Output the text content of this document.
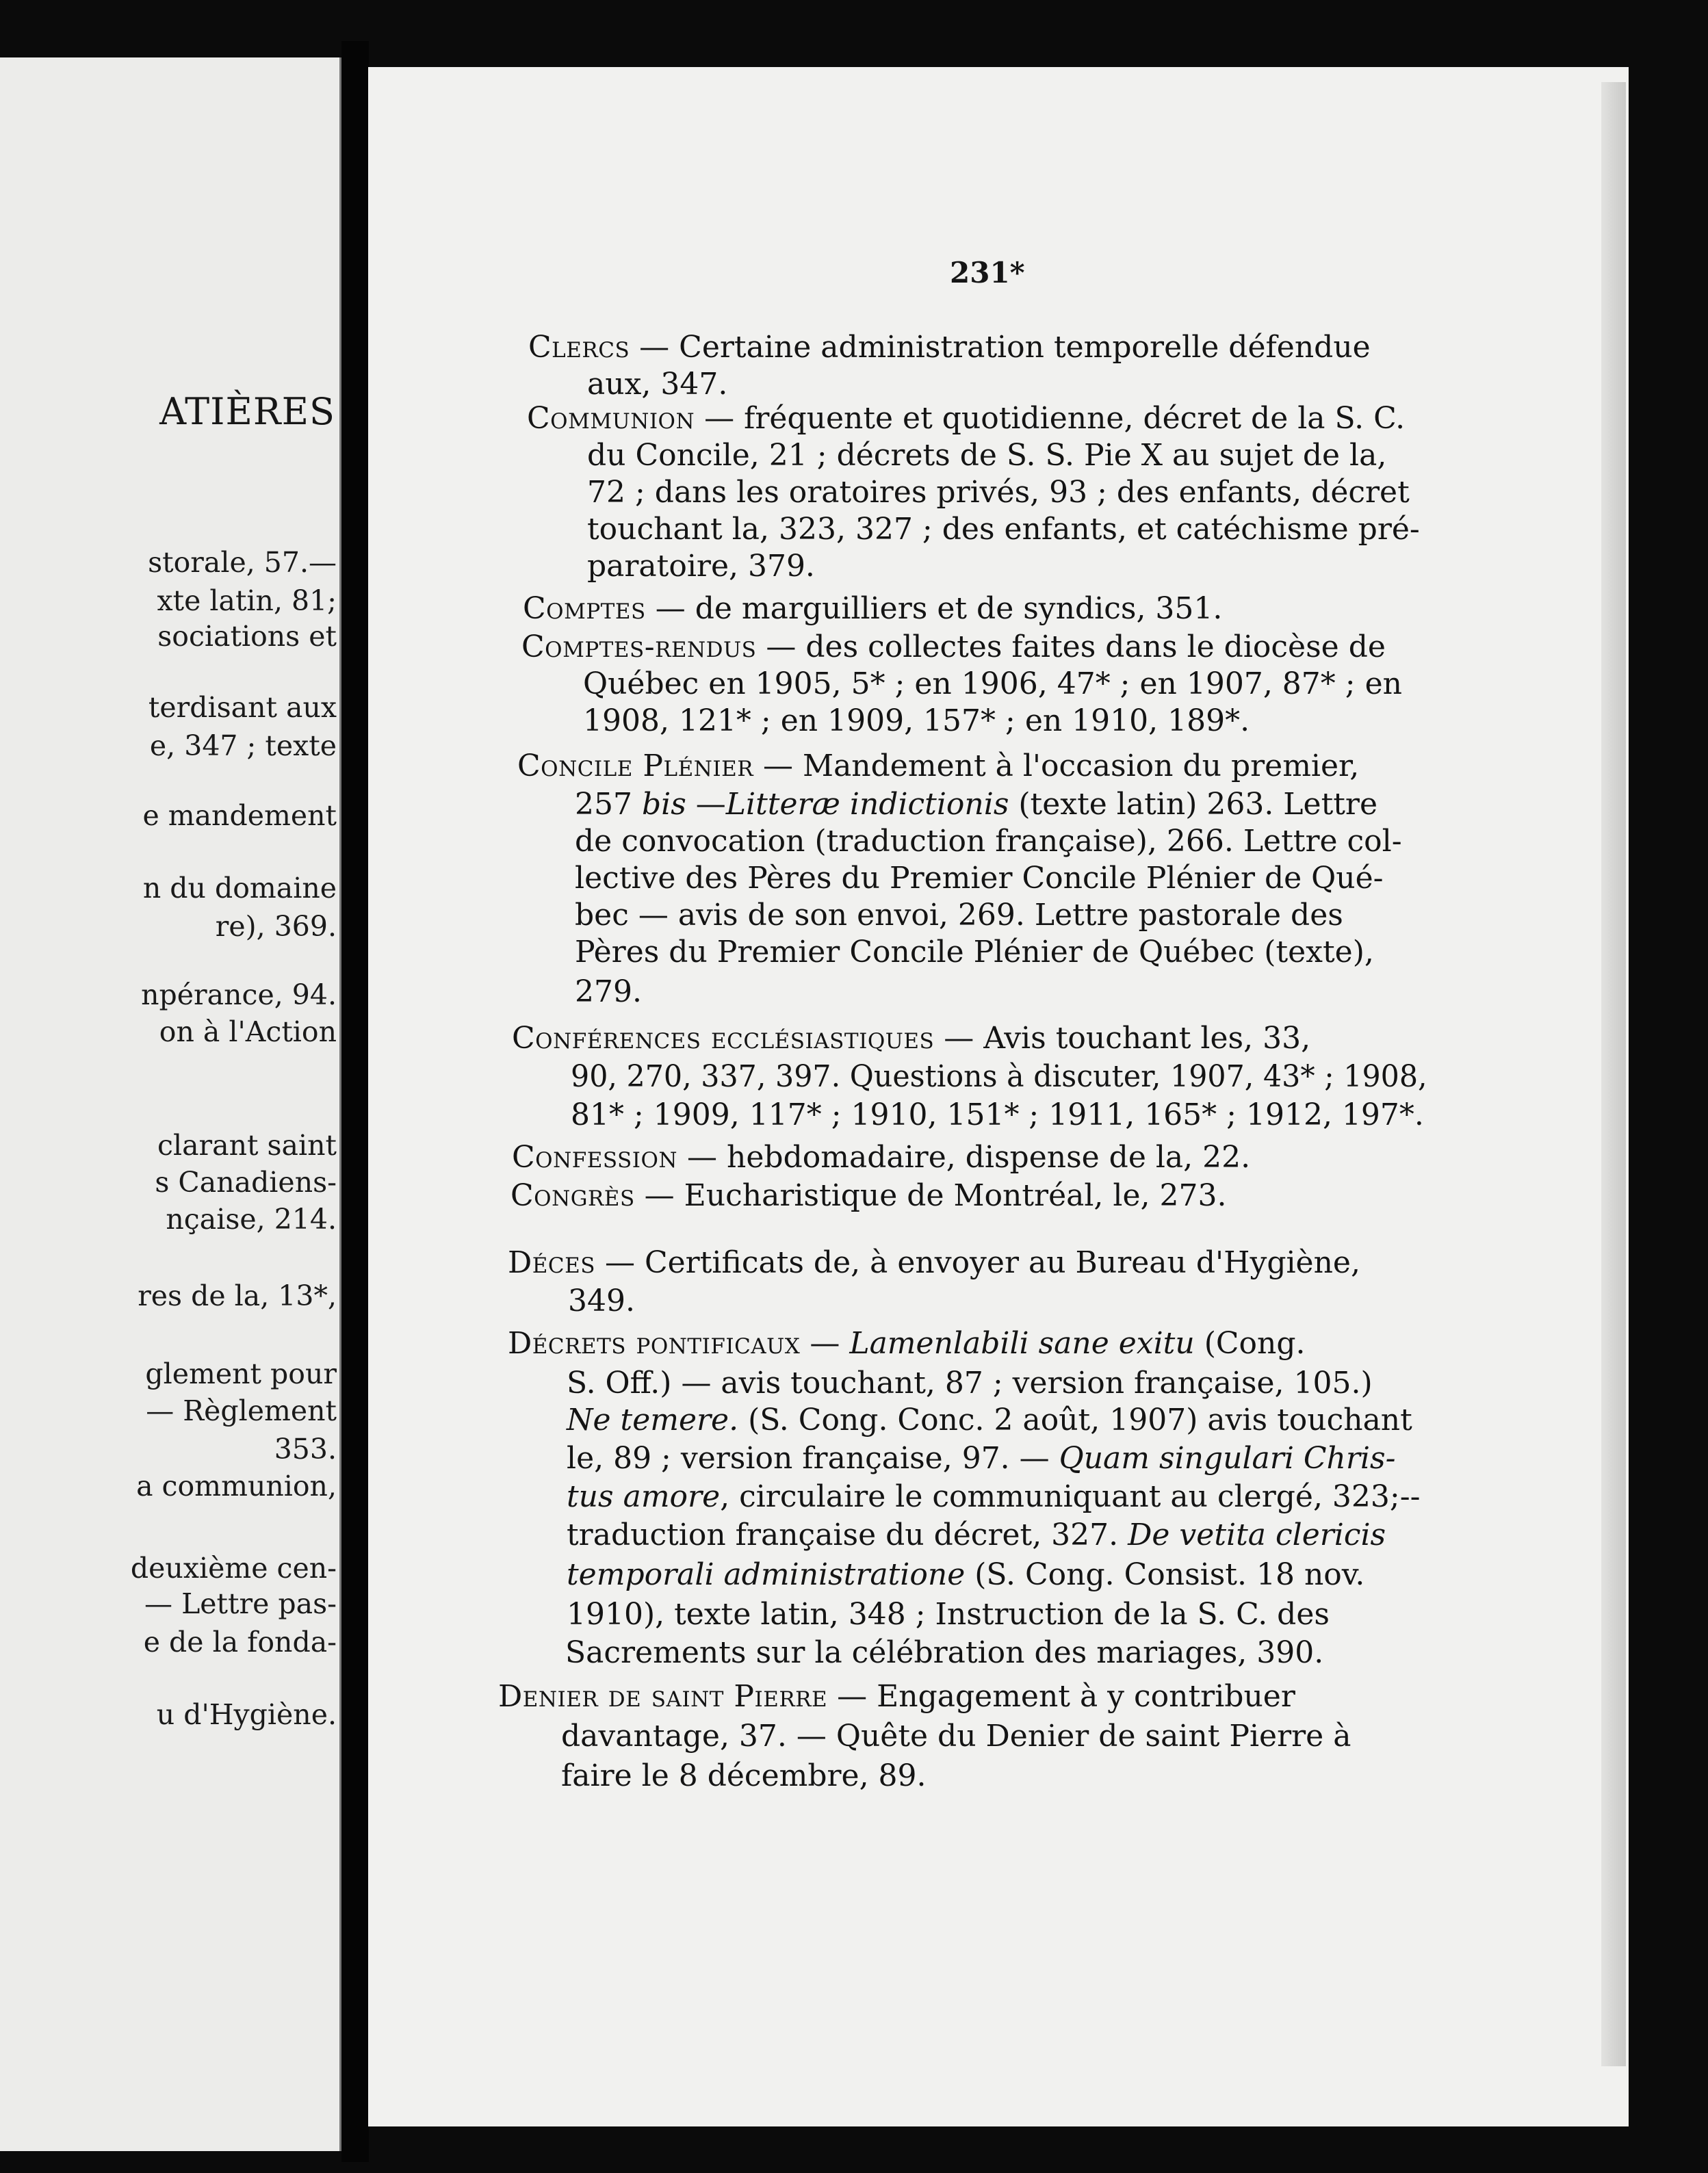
ATIÈRES
storale, 57.—
xte latin, 81;
sociations et
terdisant aux
e, 347 ; texte
e mandement
n du domaine
re), 369.
npérance, 94.
on à l'Action
clarant saint
s Canadiens-
nçaise, 214.
res de la, 13*,
glement pour
— Règlement
353.
a communion,
deuxième cen-
— Lettre pas-
e de la fonda-
u d'Hygiène.
231*
Clercs — Certaine administration temporelle défendue
aux, 347.
Communion — fréquente et quotidienne, décret de la S. C.
du Concile, 21 ; décrets de S. S. Pie X au sujet de la,
72 ; dans les oratoires privés, 93 ; des enfants, décret
touchant la, 323, 327 ; des enfants, et catéchisme pré-
paratoire, 379.
Comptes — de marguilliers et de syndics, 351.
Comptes-rendus — des collectes faites dans le diocèse de
Québec en 1905, 5* ; en 1906, 47* ; en 1907, 87* ; en
1908, 121* ; en 1909, 157* ; en 1910, 189*.
Concile Plénier — Mandement à l'occasion du premier,
257 bis —Litteræ indictionis (texte latin) 263. Lettre
de convocation (traduction française), 266. Lettre col-
lective des Pères du Premier Concile Plénier de Qué-
bec — avis de son envoi, 269. Lettre pastorale des
Pères du Premier Concile Plénier de Québec (texte),
279.
Conférences ecclésiastiques — Avis touchant les, 33,
90, 270, 337, 397. Questions à discuter, 1907, 43* ; 1908,
81* ; 1909, 117* ; 1910, 151* ; 1911, 165* ; 1912, 197*.
Confession — hebdomadaire, dispense de la, 22.
Congrès — Eucharistique de Montréal, le, 273.
Déces — Certificats de, à envoyer au Bureau d'Hygiène,
349.
Décrets pontificaux — Lamenlabili sane exitu (Cong.
S. Off.) — avis touchant, 87 ; version française, 105.)
Ne temere. (S. Cong. Conc. 2 août, 1907) avis touchant
le, 89 ; version française, 97. — Quam singulari Chris-
tus amore, circulaire le communiquant au clergé, 323;--
traduction française du décret, 327. De vetita clericis
temporali administratione (S. Cong. Consist. 18 nov.
1910), texte latin, 348 ; Instruction de la S. C. des
Sacrements sur la célébration des mariages, 390.
Denier de saint Pierre — Engagement à y contribuer
davantage, 37. — Quête du Denier de saint Pierre à
faire le 8 décembre, 89.
